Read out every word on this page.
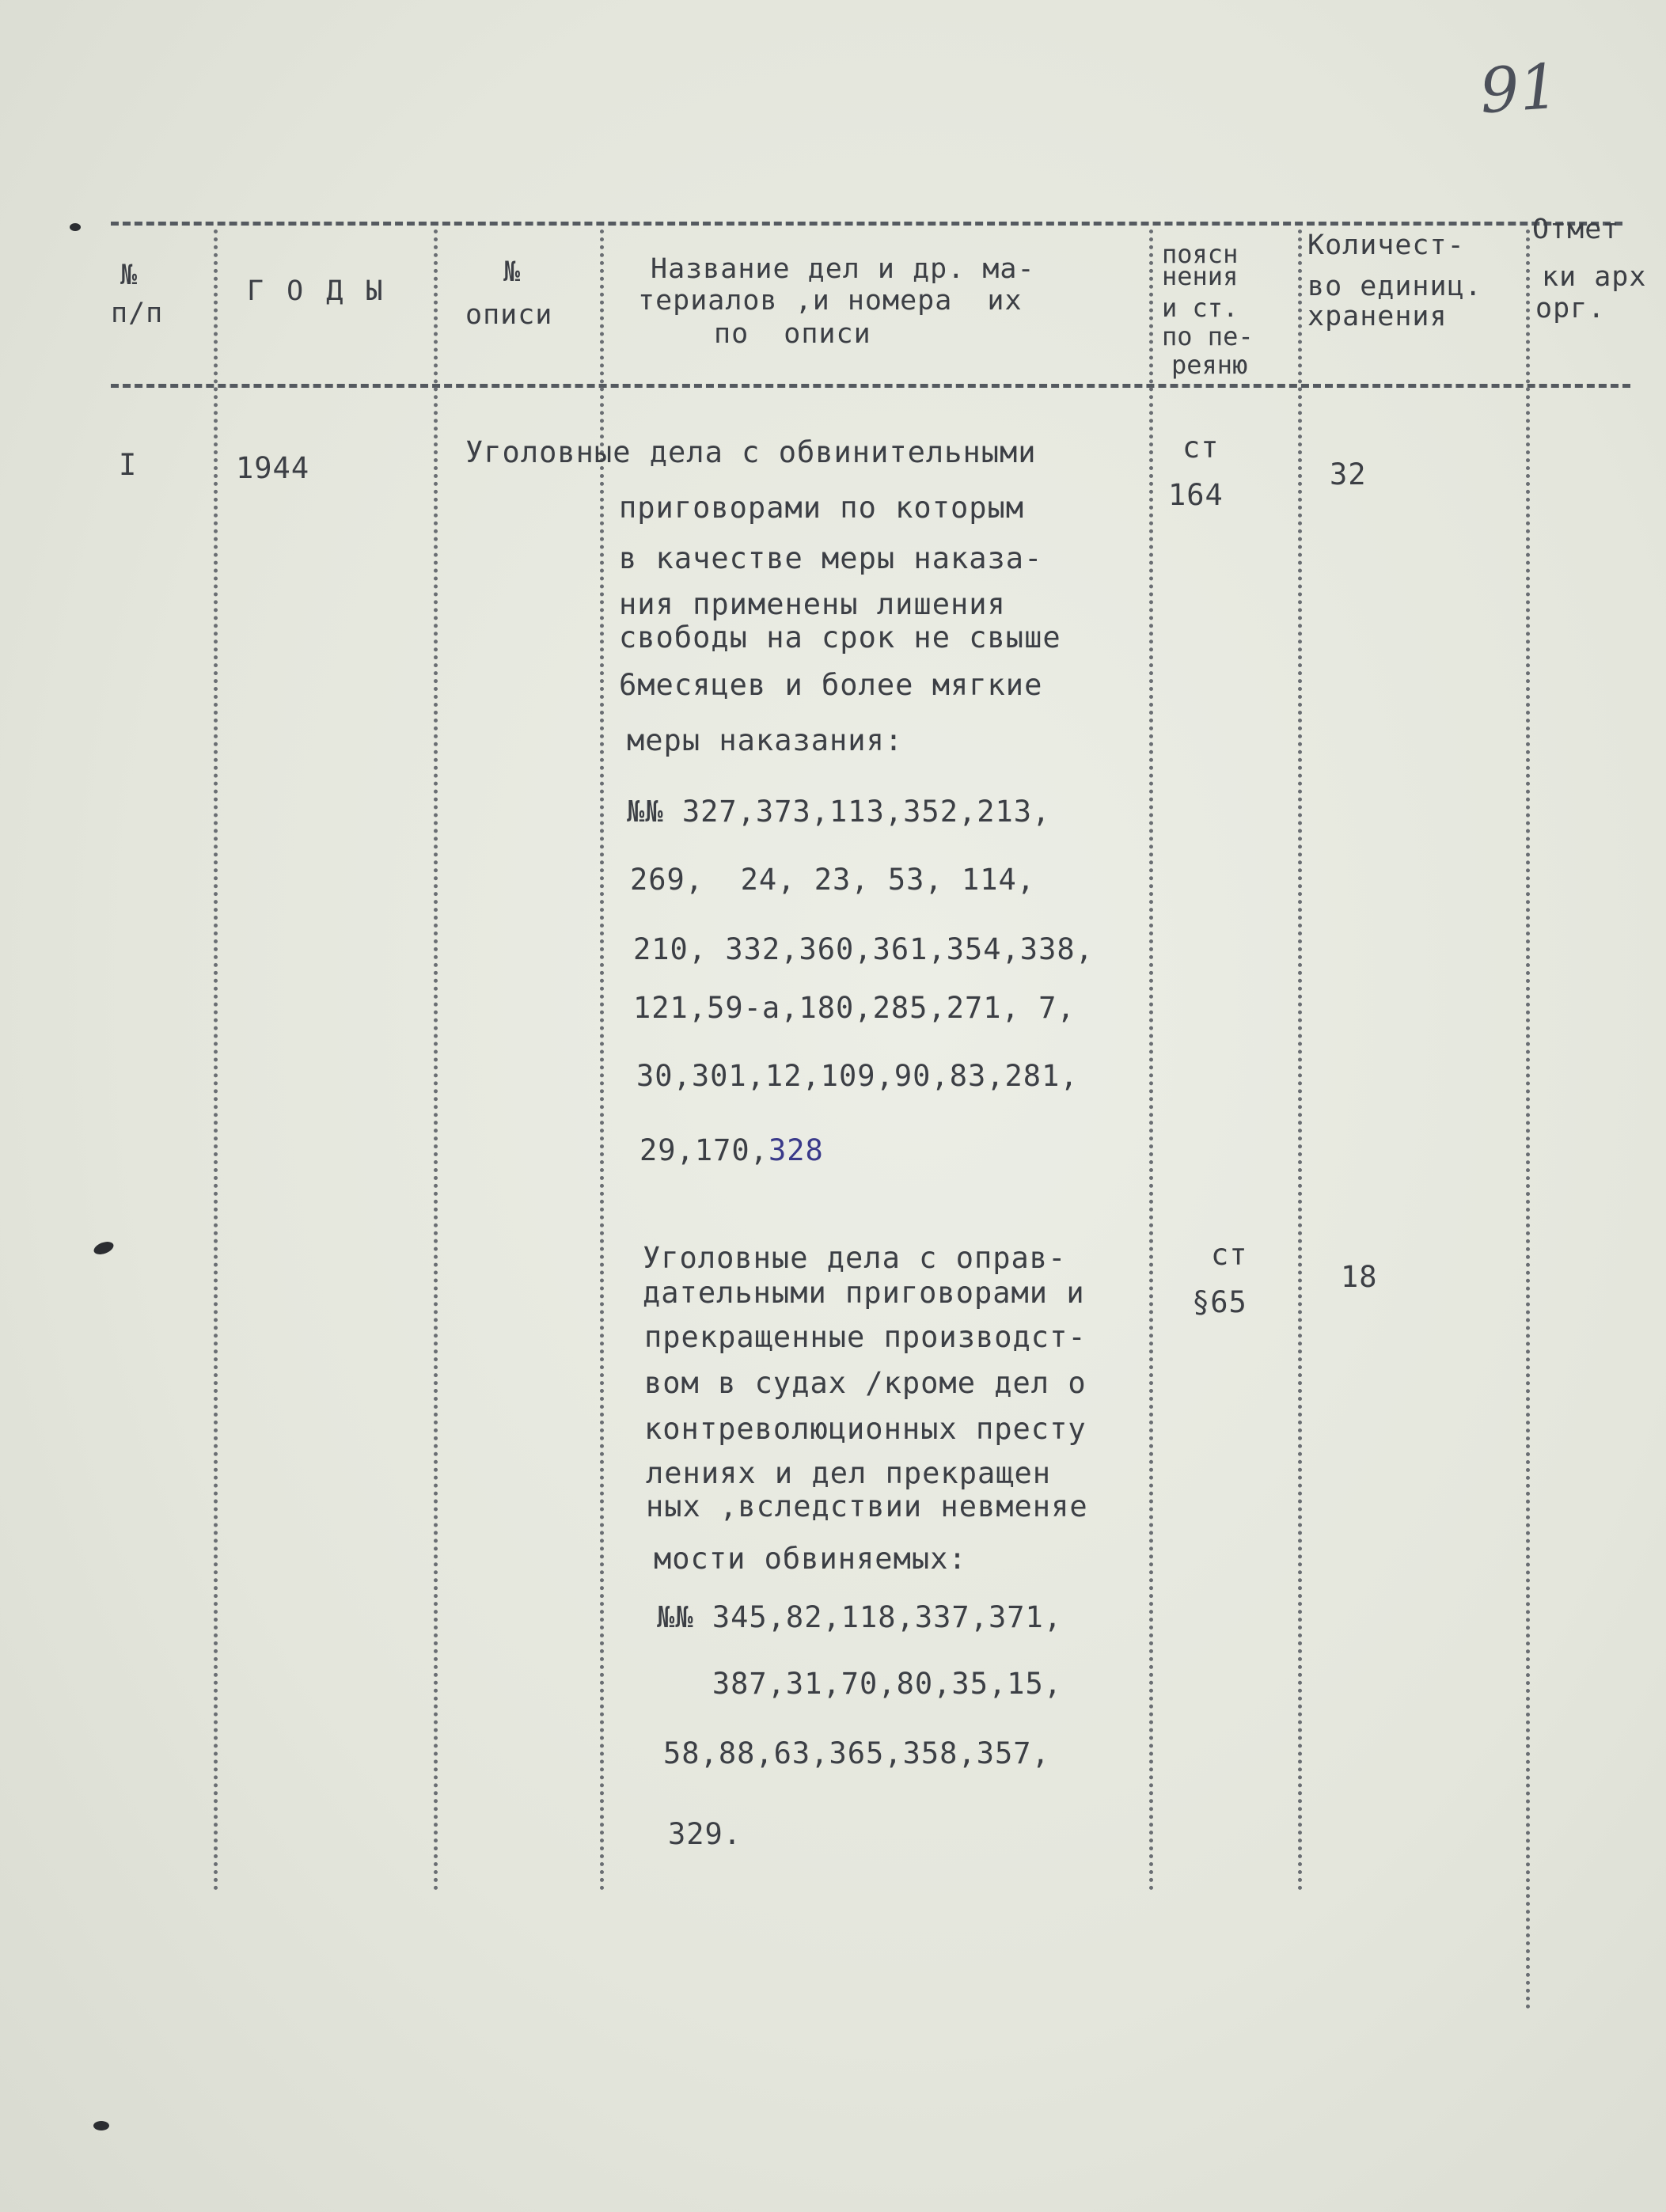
91
№
п/п
Г О Д Ы
№
описи
Название дел и др. ма-
териалов ,и номера  их
по  описи
поясн
нения
и ст.
по пе-
реяню
Количест-
во единиц.
хранения
Отмет
ки арх
орг.
I	1944	Уголовные дела с обвинительными
приговорами по которым
в качестве меры наказа-
ния применены лишения
свободы на срок не свыше
6месяцев и более мягкие
меры наказания:
№№ 327,373,113,352,213,
269,  24, 23, 53, 114,
210, 332,360,361,354,338,
121,59-а,180,285,271, 7,
30,301,12,109,90,83,281,
29,170,328
ст
164
32
Уголовные дела с оправ-
дательными приговорами и
прекращенные производст-
вом в судах /кроме дел о
контреволюционных престу
лениях и дел прекращен
ных ,вследствии невменяе
мости обвиняемых:
№№ 345,82,118,337,371,
387,31,70,80,35,15,
58,88,63,365,358,357,
329.
ст
§65
18
